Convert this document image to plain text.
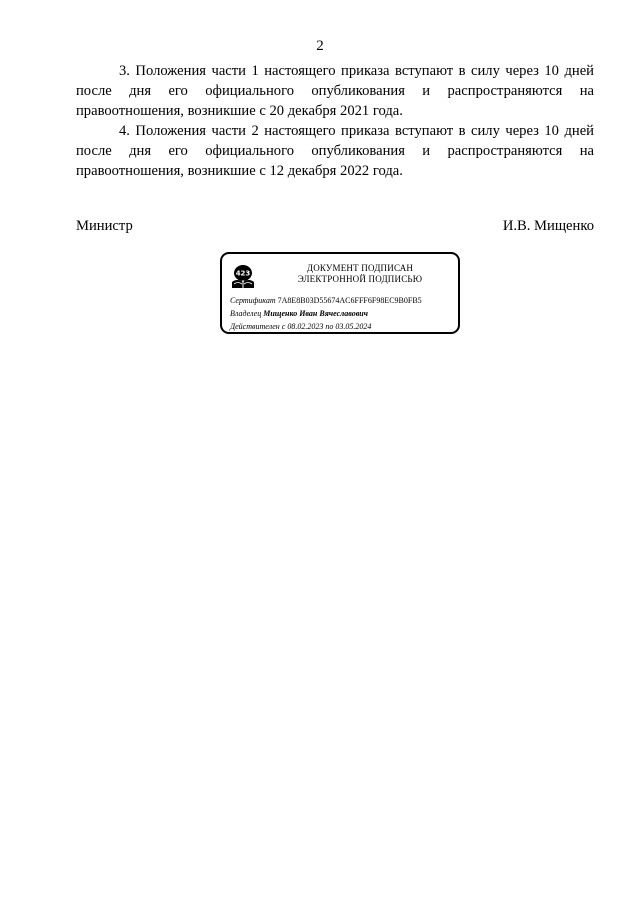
2

3. Положения части 1 настоящего приказа вступают в силу через 10 дней после дня его официального опубликования и распространяются на правоотношения, возникшие с 20 декабря 2021 года.

4. Положения части 2 настоящего приказа вступают в силу через 10 дней после дня его официального опубликования и распространяются на правоотношения, возникшие с 12 декабря 2022 года.

Министр	И.В. Мищенко
423
ДОКУМЕНТ ПОДПИСАН
ЭЛЕКТРОННОЙ ПОДПИСЬЮ
Сертификат 7A8E8B03D55674AC6FFF6F98EC9B0FB5
Владелец Мищенко Иван Вячеславович
Действителен с 08.02.2023 по 03.05.2024
